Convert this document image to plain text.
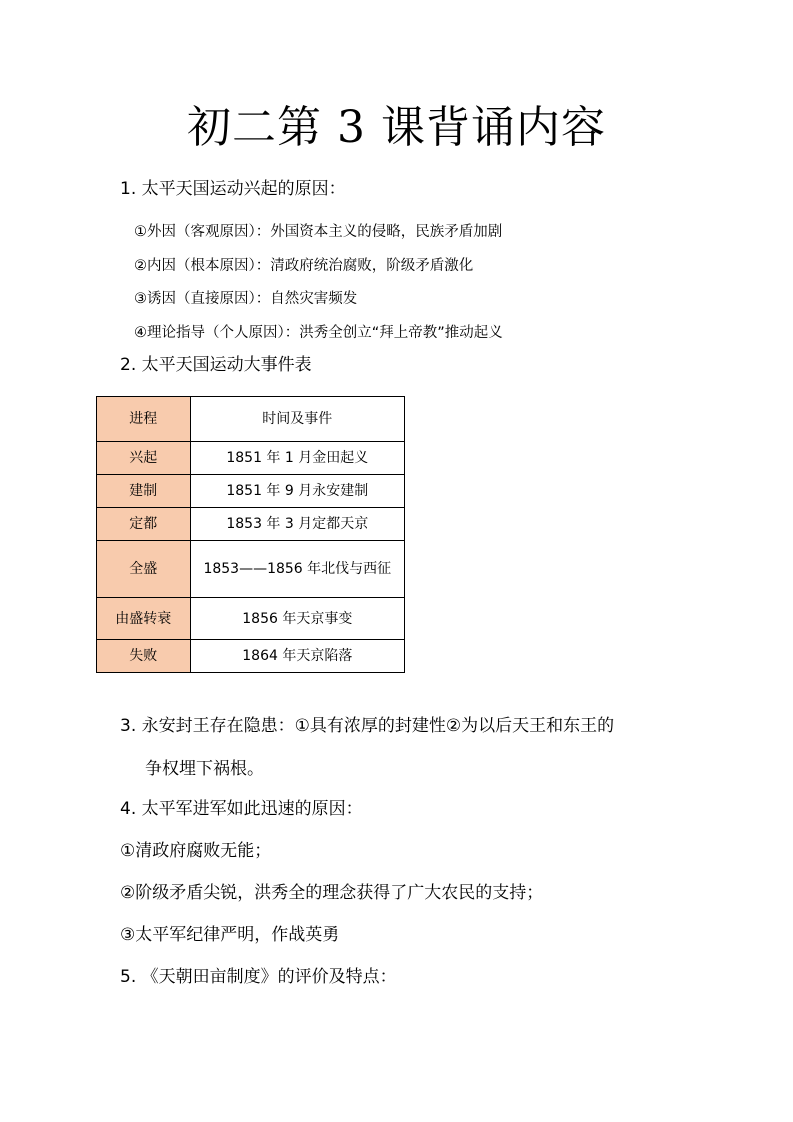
初二第 3 课背诵内容
1. 太平天国运动兴起的原因：
①外因（客观原因）：外国资本主义的侵略，民族矛盾加剧
②内因（根本原因）：清政府统治腐败，阶级矛盾激化
③诱因（直接原因）：自然灾害频发
④理论指导（个人原因）：洪秀全创立“拜上帝教”推动起义
2. 太平天国运动大事件表
进程	时间及事件
兴起	1851 年 1 月金田起义
建制	1851 年 9 月永安建制
定都	1853 年 3 月定都天京
全盛	1853——1856 年北伐与西征
由盛转衰	1856 年天京事变
失败	1864 年天京陷落
3. 永安封王存在隐患：①具有浓厚的封建性②为以后天王和东王的
争权埋下祸根。
4. 太平军进军如此迅速的原因：
①清政府腐败无能；
②阶级矛盾尖锐，洪秀全的理念获得了广大农民的支持；
③太平军纪律严明，作战英勇
5. 《天朝田亩制度》的评价及特点：
